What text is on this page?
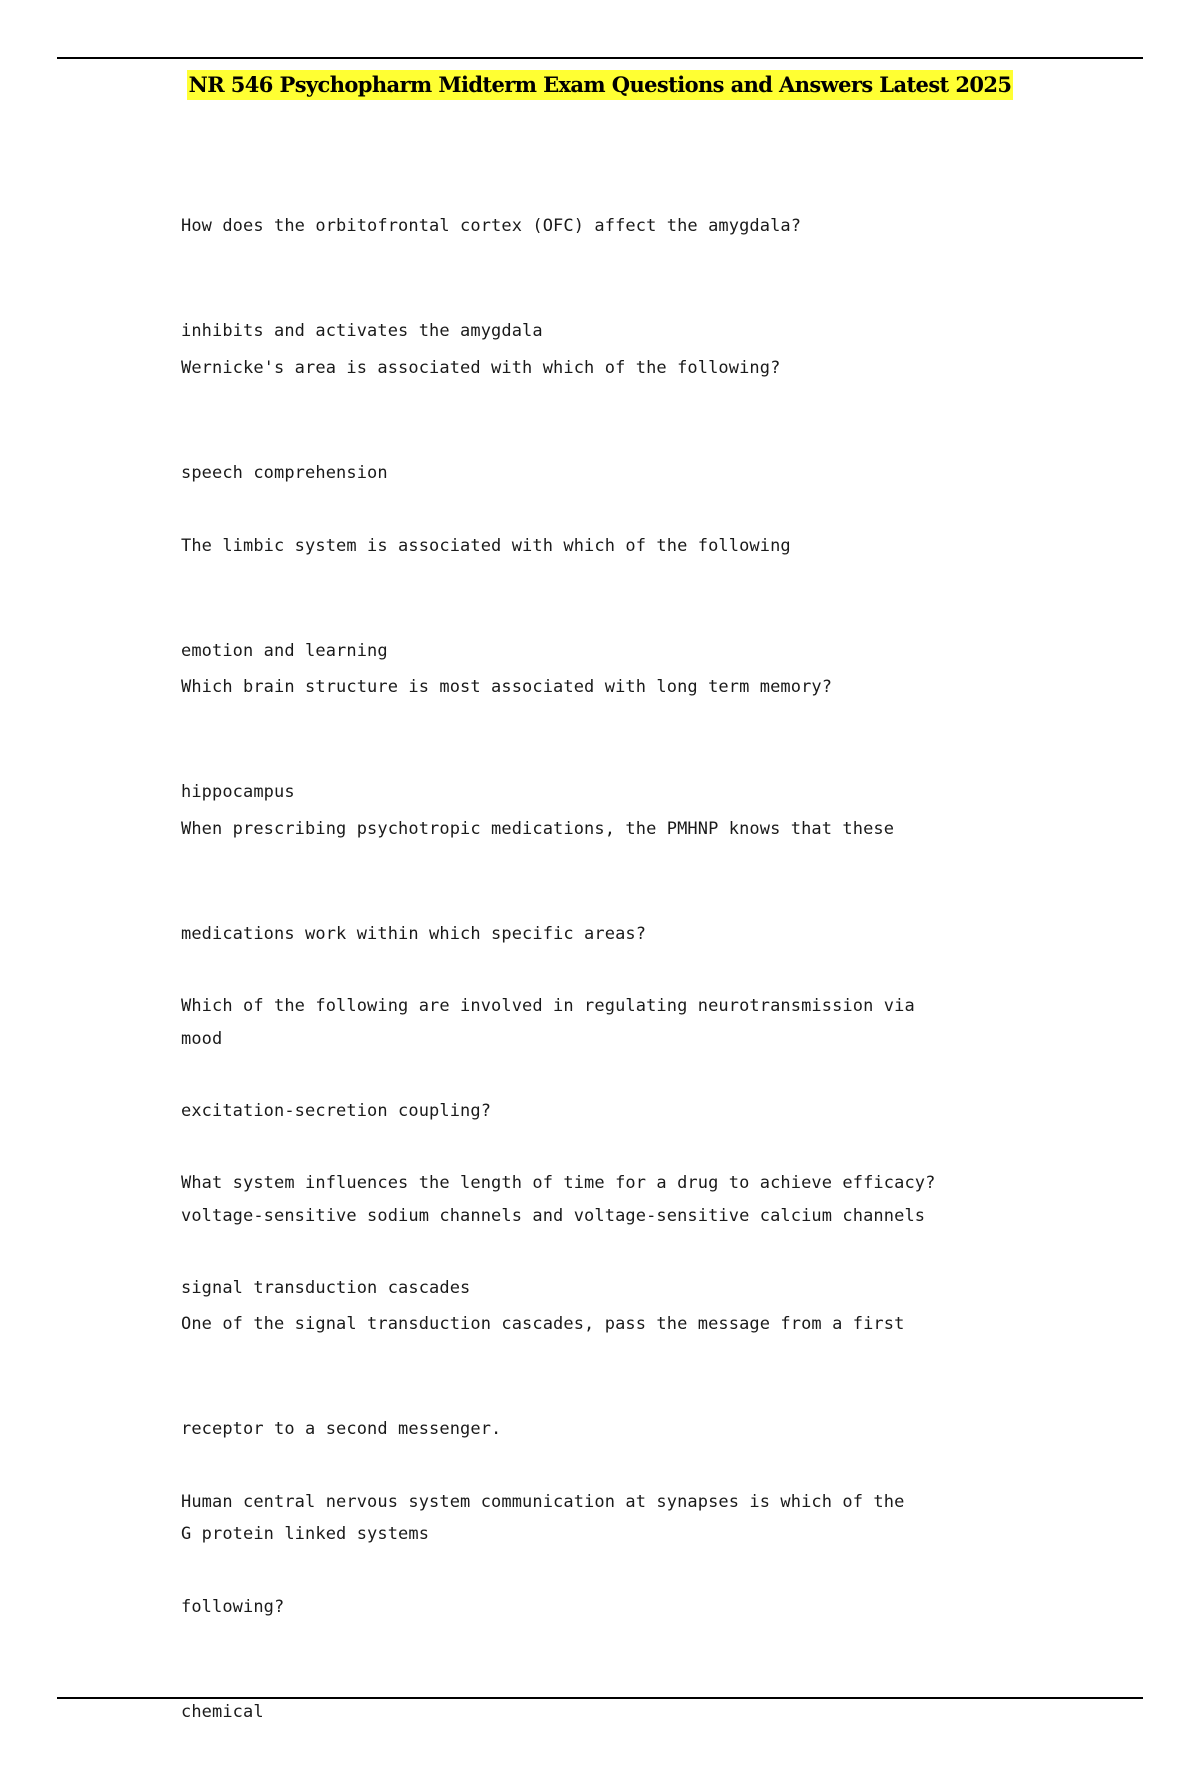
NR 546 Psychopharm Midterm Exam Questions and Answers Latest 2025

How does the orbitofrontal cortex (OFC) affect the amygdala?

inhibits and activates the amygdala

Wernicke's area is associated with which of the following?

speech comprehension

The limbic system is associated with which of the following

emotion and learning

Which brain structure is most associated with long term memory?

hippocampus

When prescribing psychotropic medications, the PMHNP knows that these

medications work within which specific areas?

mood

Which of the following are involved in regulating neurotransmission via

excitation-secretion coupling?

voltage-sensitive sodium channels and voltage-sensitive calcium channels

What system influences the length of time for a drug to achieve efficacy?

signal transduction cascades

One of the signal transduction cascades, pass the message from a first

receptor to a second messenger.

G protein linked systems

Human central nervous system communication at synapses is which of the

following?

chemical
